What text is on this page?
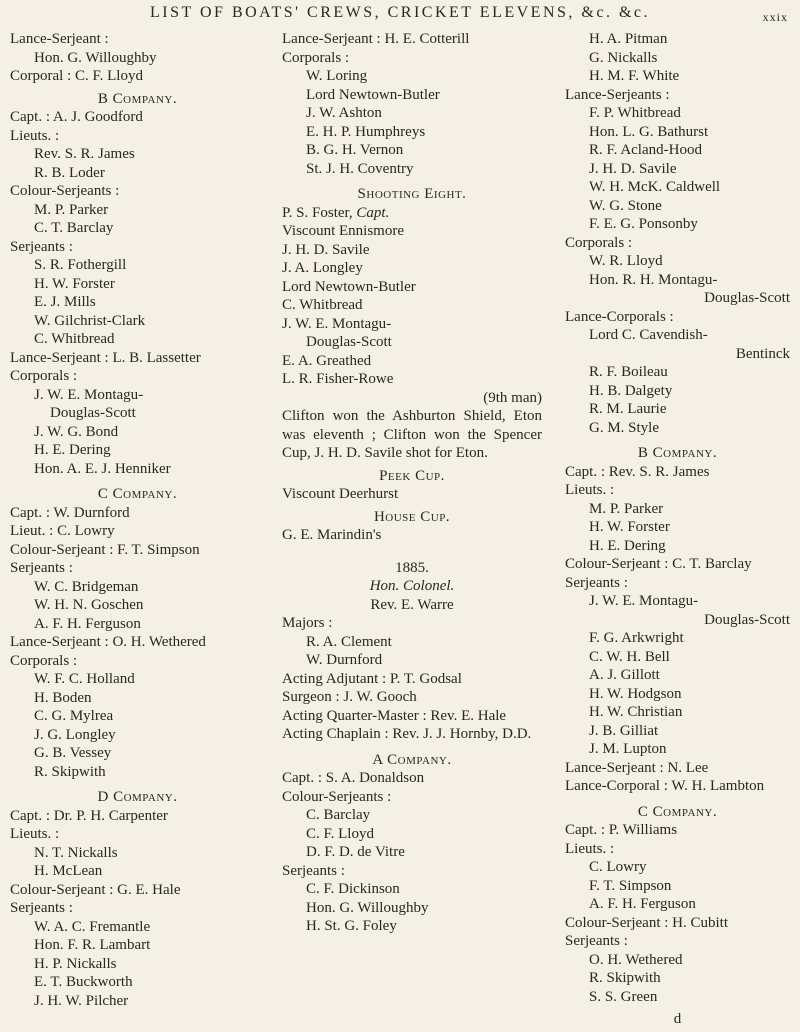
LIST OF BOATS' CREWS, CRICKET ELEVENS, &c. &c.	xxix
Lance-Serjeant :
Hon. G. Willoughby
Corporal : C. F. Lloyd
B Company.
Capt. : A. J. Goodford
Lieuts. :
Rev. S. R. James
R. B. Loder
Colour-Serjeants :
M. P. Parker
C. T. Barclay
Serjeants :
S. R. Fothergill
H. W. Forster
E. J. Mills
W. Gilchrist-Clark
C. Whitbread
Lance-Serjeant : L. B. Lassetter
Corporals :
J. W. E. Montagu-
Douglas-Scott
J. W. G. Bond
H. E. Dering
Hon. A. E. J. Henniker
C Company.
Capt. : W. Durnford
Lieut. : C. Lowry
Colour-Serjeant : F. T. Simpson
Serjeants :
W. C. Bridgeman
W. H. N. Goschen
A. F. H. Ferguson
Lance-Serjeant : O. H. Wethered
Corporals :
W. F. C. Holland
H. Boden
C. G. Mylrea
J. G. Longley
G. B. Vessey
R. Skipwith
D Company.
Capt. : Dr. P. H. Carpenter
Lieuts. :
N. T. Nickalls
H. McLean
Colour-Serjeant : G. E. Hale
Serjeants :
W. A. C. Fremantle
Hon. F. R. Lambart
H. P. Nickalls
E. T. Buckworth
J. H. W. Pilcher
Lance-Serjeant : H. E. Cotterill
Corporals :
W. Loring
Lord Newtown-Butler
J. W. Ashton
E. H. P. Humphreys
B. G. H. Vernon
St. J. H. Coventry
Shooting Eight.
P. S. Foster, Capt.
Viscount Ennismore
J. H. D. Savile
J. A. Longley
Lord Newtown-Butler
C. Whitbread
J. W. E. Montagu-
Douglas-Scott
E. A. Greathed
L. R. Fisher-Rowe
(9th man)
Clifton won the Ashburton Shield, Eton was eleventh ; Clifton won the Spencer Cup, J. H. D. Savile shot for Eton.
Peek Cup.
Viscount Deerhurst
House Cup.
G. E. Marindin's
1885.
Hon. Colonel.
Rev. E. Warre
Majors :
R. A. Clement
W. Durnford
Acting Adjutant : P. T. Godsal
Surgeon : J. W. Gooch
Acting Quarter-Master : Rev. E. Hale
Acting Chaplain : Rev. J. J. Hornby, D.D.
A Company.
Capt. : S. A. Donaldson
Colour-Serjeants :
C. Barclay
C. F. Lloyd
D. F. D. de Vitre
Serjeants :
C. F. Dickinson
Hon. G. Willoughby
H. St. G. Foley
H. A. Pitman
G. Nickalls
H. M. F. White
Lance-Serjeants :
F. P. Whitbread
Hon. L. G. Bathurst
R. F. Acland-Hood
J. H. D. Savile
W. H. McK. Caldwell
W. G. Stone
F. E. G. Ponsonby
Corporals :
W. R. Lloyd
Hon. R. H. Montagu-
Douglas-Scott
Lance-Corporals :
Lord C. Cavendish-
Bentinck
R. F. Boileau
H. B. Dalgety
R. M. Laurie
G. M. Style
B Company.
Capt. : Rev. S. R. James
Lieuts. :
M. P. Parker
H. W. Forster
H. E. Dering
Colour-Serjeant : C. T. Barclay
Serjeants :
J. W. E. Montagu-
Douglas-Scott
F. G. Arkwright
C. W. H. Bell
A. J. Gillott
H. W. Hodgson
H. W. Christian
J. B. Gilliat
J. M. Lupton
Lance-Serjeant : N. Lee
Lance-Corporal : W. H. Lambton
C Company.
Capt. : P. Williams
Lieuts. :
C. Lowry
F. T. Simpson
A. F. H. Ferguson
Colour-Serjeant : H. Cubitt
Serjeants :
O. H. Wethered
R. Skipwith
S. S. Green
d
